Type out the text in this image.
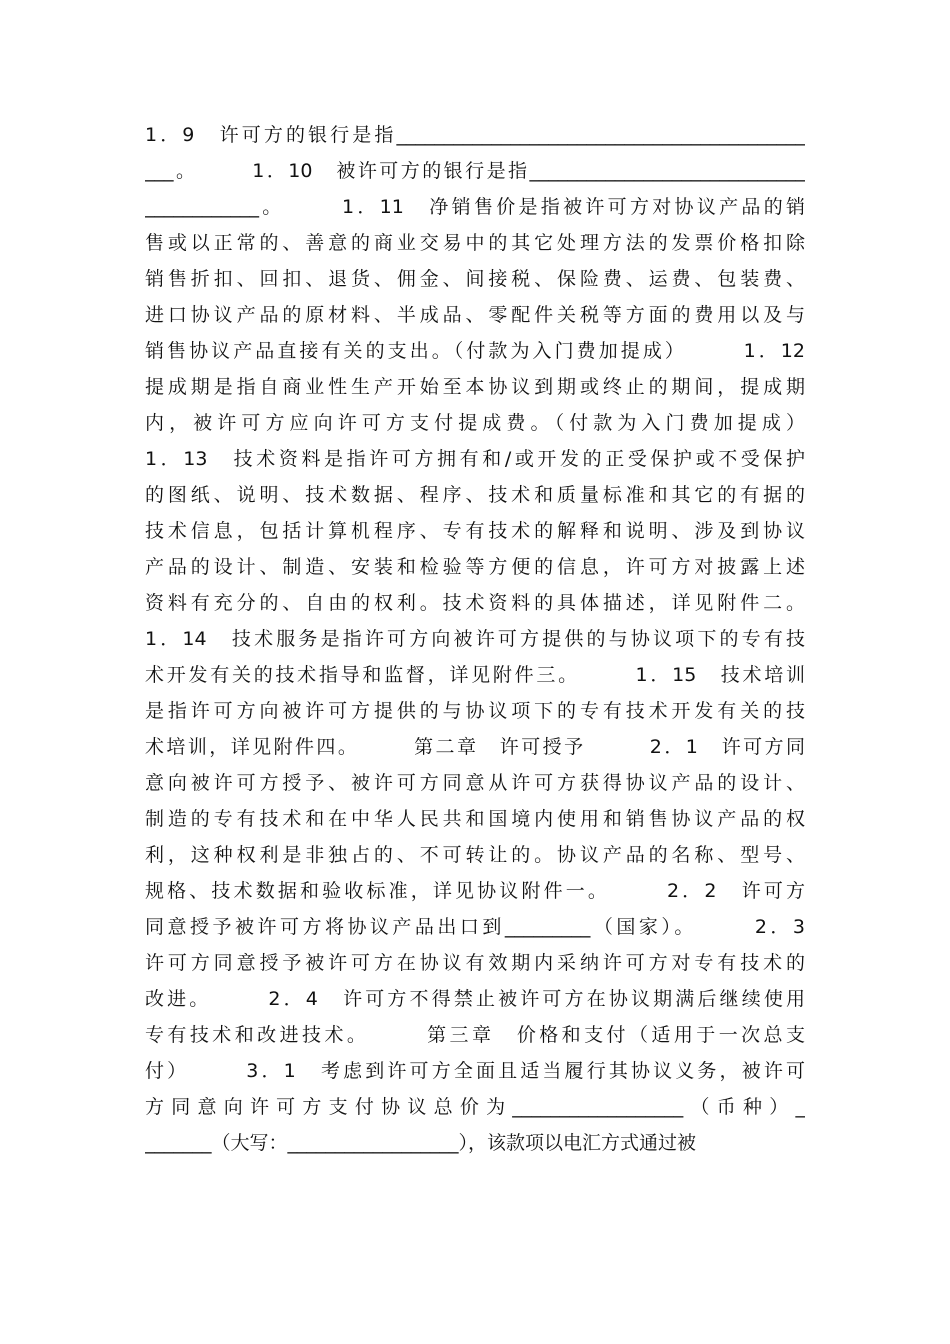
1．9　许可方的银行是指___________________________________________
___。　　　1．10　被许可方的银行是指_____________________________
____________。　　　1．11　净销售价是指被许可方对协议产品的销
售或以正常的、善意的商业交易中的其它处理方法的发票价格扣除
销售折扣、回扣、退货、佣金、间接税、保险费、运费、包装费、
进口协议产品的原材料、半成品、零配件关税等方面的费用以及与
销售协议产品直接有关的支出。（付款为入门费加提成）　　　1．12
提成期是指自商业性生产开始至本协议到期或终止的期间，提成期
内，被许可方应向许可方支付提成费。（付款为入门费加提成）
1．13　技术资料是指许可方拥有和/或开发的正受保护或不受保护
的图纸、说明、技术数据、程序、技术和质量标准和其它的有据的
技术信息，包括计算机程序、专有技术的解释和说明、涉及到协议
产品的设计、制造、安装和检验等方便的信息，许可方对披露上述
资料有充分的、自由的权利。技术资料的具体描述，详见附件二。
1．14　技术服务是指许可方向被许可方提供的与协议项下的专有技
术开发有关的技术指导和监督，详见附件三。　　　1．15　技术培训
是指许可方向被许可方提供的与协议项下的专有技术开发有关的技
术培训，详见附件四。　　　第二章　许可授予　　　2．1　许可方同
意向被许可方授予、被许可方同意从许可方获得协议产品的设计、
制造的专有技术和在中华人民共和国境内使用和销售协议产品的权
利，这种权利是非独占的、不可转让的。协议产品的名称、型号、
规格、技术数据和验收标准，详见协议附件一。　　　2．2　许可方
同意授予被许可方将协议产品出口到_________（国家）。　　　2．3
许可方同意授予被许可方在协议有效期内采纳许可方对专有技术的
改进。　　　2．4　许可方不得禁止被许可方在协议期满后继续使用
专有技术和改进技术。　　　第三章　价格和支付（适用于一次总支
付）　　　3．1　考虑到许可方全面且适当履行其协议义务，被许可
方同意向许可方支付协议总价为__________________（币种）_
_______（大写：__________________），该款项以电汇方式通过被
